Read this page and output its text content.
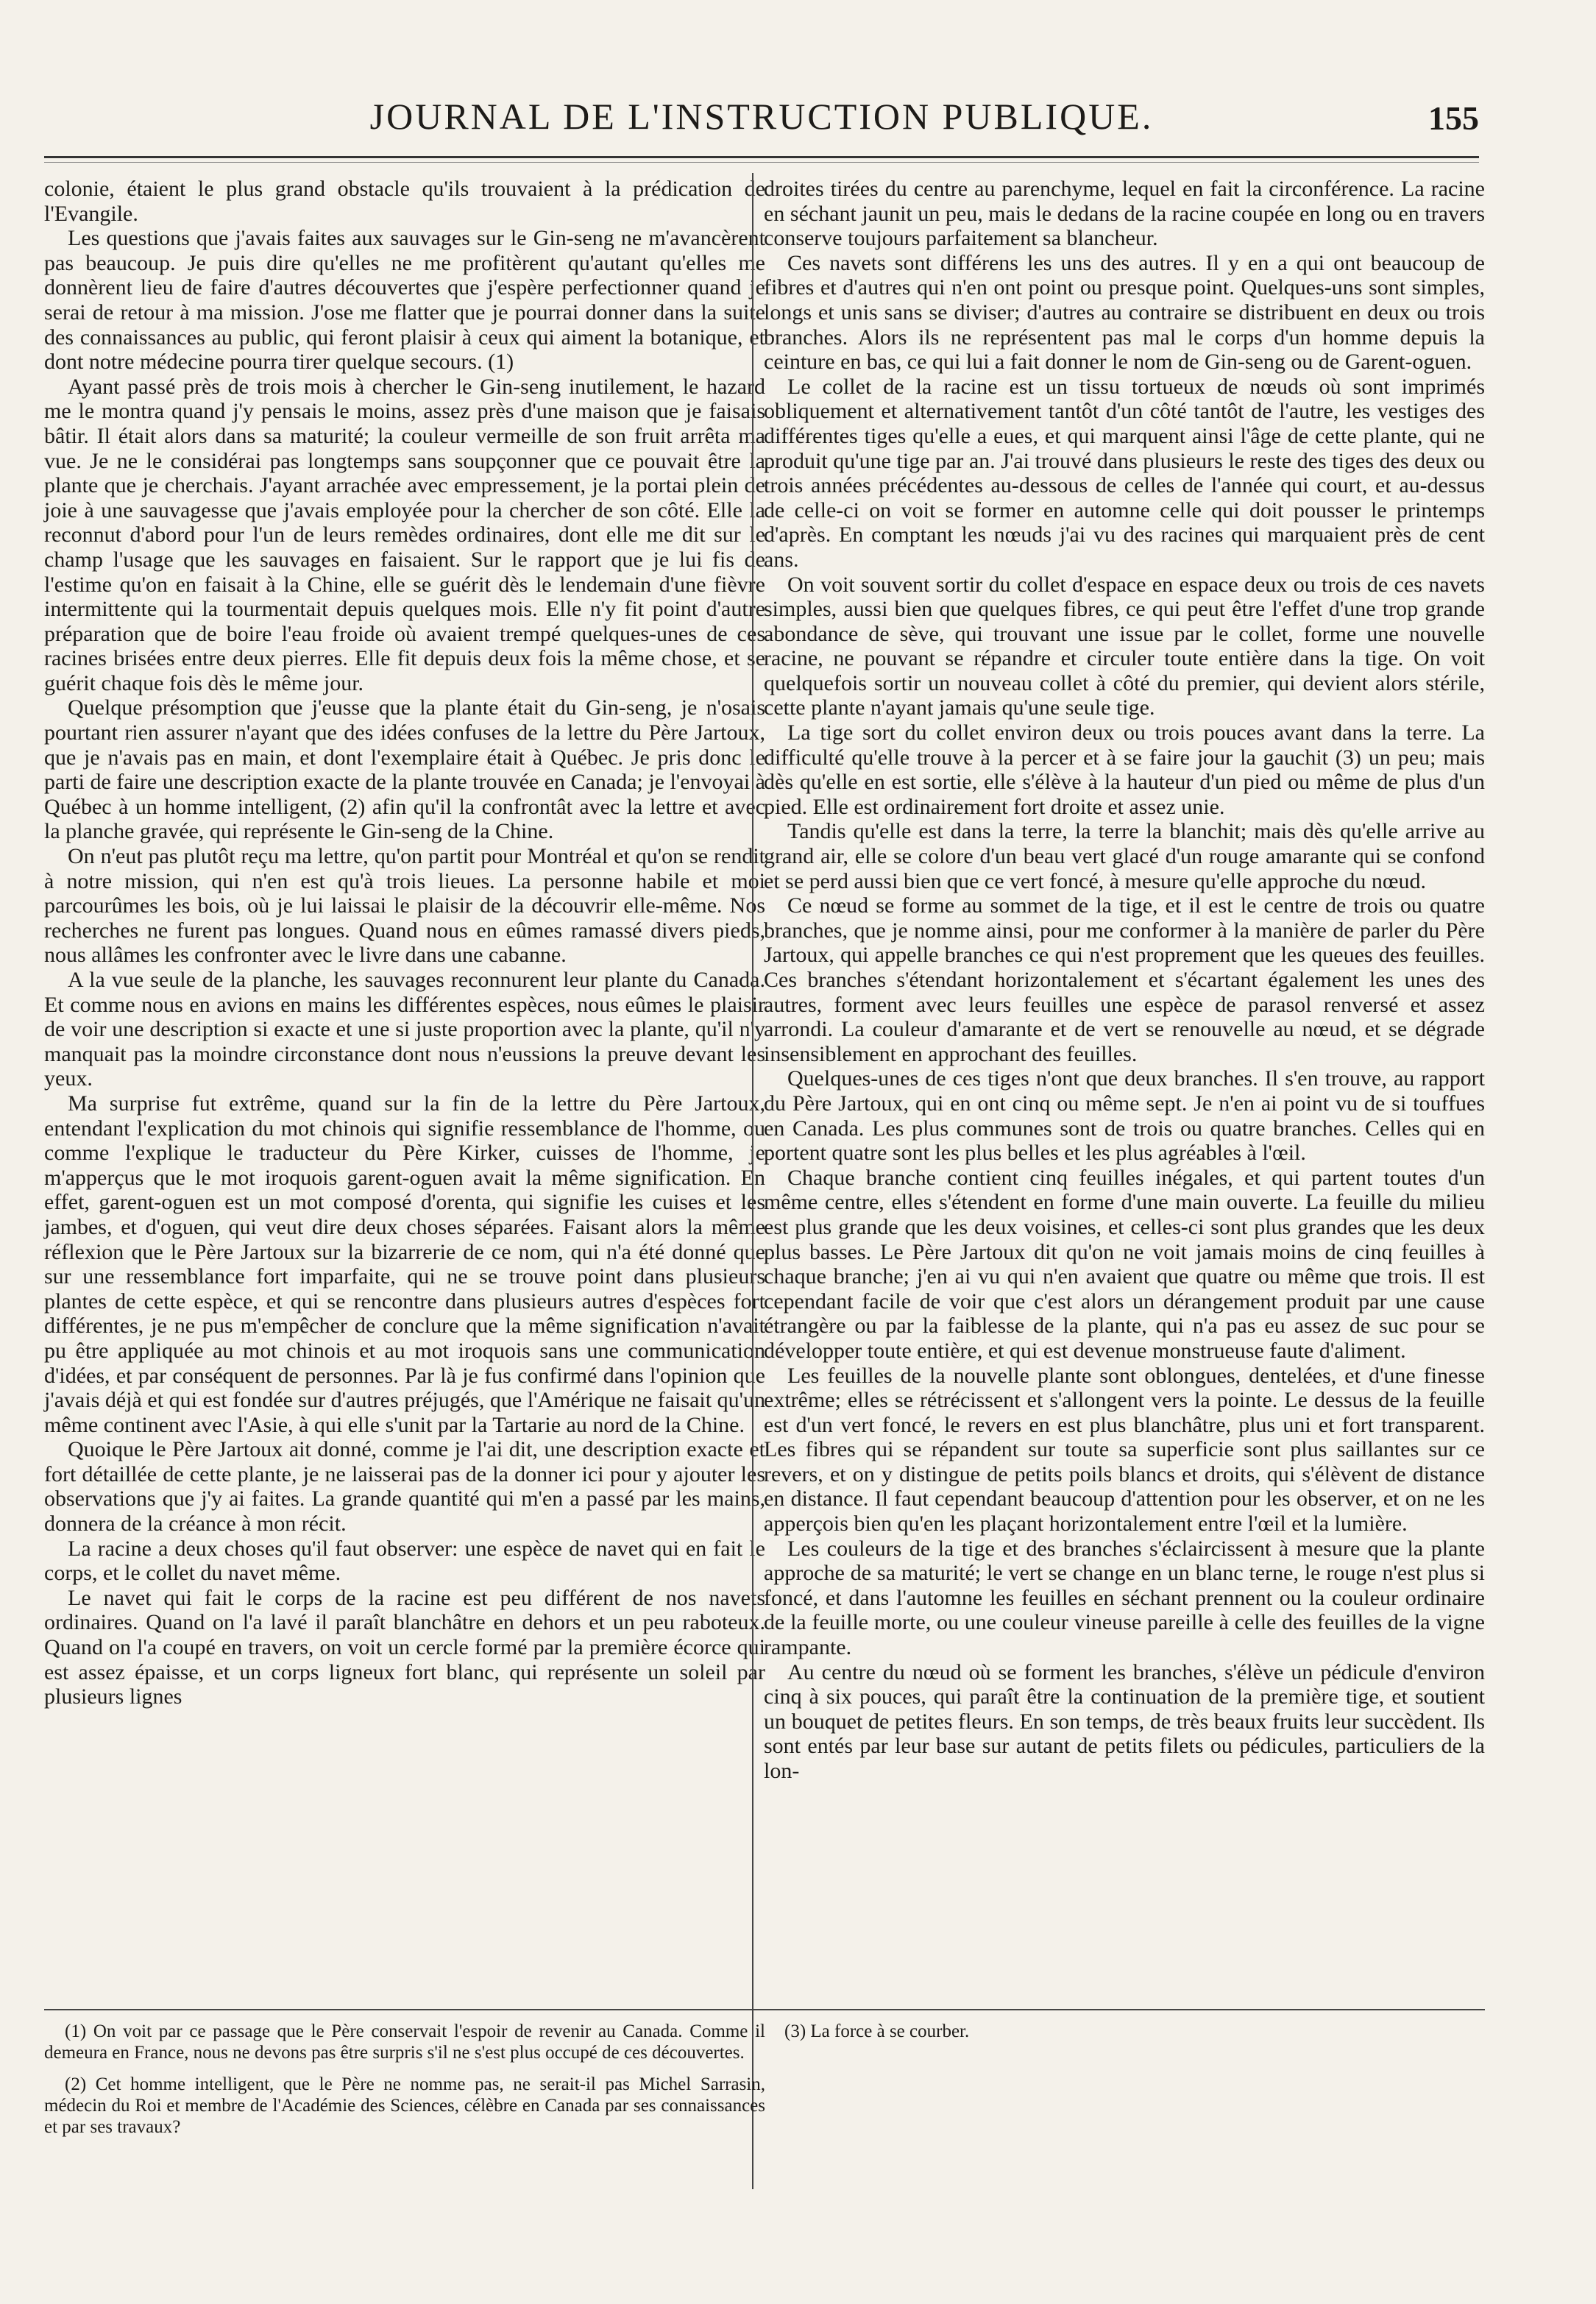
JOURNAL DE L'INSTRUCTION PUBLIQUE.	155

colonie, étaient le plus grand obstacle qu'ils trouvaient à la prédication de l'Evangile.

Les questions que j'avais faites aux sauvages sur le Gin-seng ne m'avancèrent pas beaucoup. Je puis dire qu'elles ne me profitèrent qu'autant qu'elles me donnèrent lieu de faire d'autres découvertes que j'espère perfectionner quand je serai de retour à ma mission. J'ose me flatter que je pourrai donner dans la suite des connaissances au public, qui feront plaisir à ceux qui aiment la botanique, et dont notre médecine pourra tirer quelque secours. (1)

Ayant passé près de trois mois à chercher le Gin-seng inutilement, le hazard me le montra quand j'y pensais le moins, assez près d'une maison que je faisais bâtir. Il était alors dans sa maturité; la couleur vermeille de son fruit arrêta ma vue. Je ne le considérai pas longtemps sans soupçonner que ce pouvait être la plante que je cherchais. J'ayant arrachée avec empressement, je la portai plein de joie à une sauvagesse que j'avais employée pour la chercher de son côté. Elle la reconnut d'abord pour l'un de leurs remèdes ordinaires, dont elle me dit sur le champ l'usage que les sauvages en faisaient. Sur le rapport que je lui fis de l'estime qu'on en faisait à la Chine, elle se guérit dès le lendemain d'une fièvre intermittente qui la tourmentait depuis quelques mois. Elle n'y fit point d'autre préparation que de boire l'eau froide où avaient trempé quelques-unes de ces racines brisées entre deux pierres. Elle fit depuis deux fois la même chose, et se guérit chaque fois dès le même jour.

Quelque présomption que j'eusse que la plante était du Gin-seng, je n'osais pourtant rien assurer n'ayant que des idées confuses de la lettre du Père Jartoux, que je n'avais pas en main, et dont l'exemplaire était à Québec. Je pris donc le parti de faire une description exacte de la plante trouvée en Canada; je l'envoyai à Québec à un homme intelligent, (2) afin qu'il la confrontât avec la lettre et avec la planche gravée, qui représente le Gin-seng de la Chine.

On n'eut pas plutôt reçu ma lettre, qu'on partit pour Montréal et qu'on se rendit à notre mission, qui n'en est qu'à trois lieues. La personne habile et moi parcourûmes les bois, où je lui laissai le plaisir de la découvrir elle-même. Nos recherches ne furent pas longues. Quand nous en eûmes ramassé divers pieds, nous allâmes les confronter avec le livre dans une cabanne.

A la vue seule de la planche, les sauvages reconnurent leur plante du Canada. Et comme nous en avions en mains les différentes espèces, nous eûmes le plaisir de voir une description si exacte et une si juste proportion avec la plante, qu'il n'y manquait pas la moindre circonstance dont nous n'eussions la preuve devant les yeux.

Ma surprise fut extrême, quand sur la fin de la lettre du Père Jartoux, entendant l'explication du mot chinois qui signifie ressemblance de l'homme, ou comme l'explique le traducteur du Père Kirker, cuisses de l'homme, je m'apperçus que le mot iroquois garent-oguen avait la même signification. En effet, garent-oguen est un mot composé d'orenta, qui signifie les cuises et les jambes, et d'oguen, qui veut dire deux choses séparées. Faisant alors la même réflexion que le Père Jartoux sur la bizarrerie de ce nom, qui n'a été donné que sur une ressemblance fort imparfaite, qui ne se trouve point dans plusieurs plantes de cette espèce, et qui se rencontre dans plusieurs autres d'espèces fort différentes, je ne pus m'empêcher de conclure que la même signification n'avait pu être appliquée au mot chinois et au mot iroquois sans une communication d'idées, et par conséquent de personnes. Par là je fus confirmé dans l'opinion que j'avais déjà et qui est fondée sur d'autres préjugés, que l'Amérique ne faisait qu'un même continent avec l'Asie, à qui elle s'unit par la Tartarie au nord de la Chine.

Quoique le Père Jartoux ait donné, comme je l'ai dit, une description exacte et fort détaillée de cette plante, je ne laisserai pas de la donner ici pour y ajouter les observations que j'y ai faites. La grande quantité qui m'en a passé par les mains, donnera de la créance à mon récit.

La racine a deux choses qu'il faut observer: une espèce de navet qui en fait le corps, et le collet du navet même.

Le navet qui fait le corps de la racine est peu différent de nos navets ordinaires. Quand on l'a lavé il paraît blanchâtre en dehors et un peu raboteux. Quand on l'a coupé en travers, on voit un cercle formé par la première écorce qui est assez épaisse, et un corps ligneux fort blanc, qui représente un soleil par plusieurs lignes

droites tirées du centre au parenchyme, lequel en fait la circonférence. La racine en séchant jaunit un peu, mais le dedans de la racine coupée en long ou en travers conserve toujours parfaitement sa blancheur.

Ces navets sont différens les uns des autres. Il y en a qui ont beaucoup de fibres et d'autres qui n'en ont point ou presque point. Quelques-uns sont simples, longs et unis sans se diviser; d'autres au contraire se distribuent en deux ou trois branches. Alors ils ne représentent pas mal le corps d'un homme depuis la ceinture en bas, ce qui lui a fait donner le nom de Gin-seng ou de Garent-oguen.

Le collet de la racine est un tissu tortueux de nœuds où sont imprimés obliquement et alternativement tantôt d'un côté tantôt de l'autre, les vestiges des différentes tiges qu'elle a eues, et qui marquent ainsi l'âge de cette plante, qui ne produit qu'une tige par an. J'ai trouvé dans plusieurs le reste des tiges des deux ou trois années précédentes au-dessous de celles de l'année qui court, et au-dessus de celle-ci on voit se former en automne celle qui doit pousser le printemps d'après. En comptant les nœuds j'ai vu des racines qui marquaient près de cent ans.

On voit souvent sortir du collet d'espace en espace deux ou trois de ces navets simples, aussi bien que quelques fibres, ce qui peut être l'effet d'une trop grande abondance de sève, qui trouvant une issue par le collet, forme une nouvelle racine, ne pouvant se répandre et circuler toute entière dans la tige. On voit quelquefois sortir un nouveau collet à côté du premier, qui devient alors stérile, cette plante n'ayant jamais qu'une seule tige.

La tige sort du collet environ deux ou trois pouces avant dans la terre. La difficulté qu'elle trouve à la percer et à se faire jour la gauchit (3) un peu; mais dès qu'elle en est sortie, elle s'élève à la hauteur d'un pied ou même de plus d'un pied. Elle est ordinairement fort droite et assez unie.

Tandis qu'elle est dans la terre, la terre la blanchit; mais dès qu'elle arrive au grand air, elle se colore d'un beau vert glacé d'un rouge amarante qui se confond et se perd aussi bien que ce vert foncé, à mesure qu'elle approche du nœud.

Ce nœud se forme au sommet de la tige, et il est le centre de trois ou quatre branches, que je nomme ainsi, pour me conformer à la manière de parler du Père Jartoux, qui appelle branches ce qui n'est proprement que les queues des feuilles. Ces branches s'étendant horizontalement et s'écartant également les unes des autres, forment avec leurs feuilles une espèce de parasol renversé et assez arrondi. La couleur d'amarante et de vert se renouvelle au nœud, et se dégrade insensiblement en approchant des feuilles.

Quelques-unes de ces tiges n'ont que deux branches. Il s'en trouve, au rapport du Père Jartoux, qui en ont cinq ou même sept. Je n'en ai point vu de si touffues en Canada. Les plus communes sont de trois ou quatre branches. Celles qui en portent quatre sont les plus belles et les plus agréables à l'œil.

Chaque branche contient cinq feuilles inégales, et qui partent toutes d'un même centre, elles s'étendent en forme d'une main ouverte. La feuille du milieu est plus grande que les deux voisines, et celles-ci sont plus grandes que les deux plus basses. Le Père Jartoux dit qu'on ne voit jamais moins de cinq feuilles à chaque branche; j'en ai vu qui n'en avaient que quatre ou même que trois. Il est cependant facile de voir que c'est alors un dérangement produit par une cause étrangère ou par la faiblesse de la plante, qui n'a pas eu assez de suc pour se développer toute entière, et qui est devenue monstrueuse faute d'aliment.

Les feuilles de la nouvelle plante sont oblongues, dentelées, et d'une finesse extrême; elles se rétrécissent et s'allongent vers la pointe. Le dessus de la feuille est d'un vert foncé, le revers en est plus blanchâtre, plus uni et fort transparent. Les fibres qui se répandent sur toute sa superficie sont plus saillantes sur ce revers, et on y distingue de petits poils blancs et droits, qui s'élèvent de distance en distance. Il faut cependant beaucoup d'attention pour les observer, et on ne les apperçois bien qu'en les plaçant horizontalement entre l'œil et la lumière.

Les couleurs de la tige et des branches s'éclaircissent à mesure que la plante approche de sa maturité; le vert se change en un blanc terne, le rouge n'est plus si foncé, et dans l'automne les feuilles en séchant prennent ou la couleur ordinaire de la feuille morte, ou une couleur vineuse pareille à celle des feuilles de la vigne rampante.

Au centre du nœud où se forment les branches, s'élève un pédicule d'environ cinq à six pouces, qui paraît être la continuation de la première tige, et soutient un bouquet de petites fleurs. En son temps, de très beaux fruits leur succèdent. Ils sont entés par leur base sur autant de petits filets ou pédicules, particuliers de la lon-

(1) On voit par ce passage que le Père conservait l'espoir de revenir au Canada. Comme il demeura en France, nous ne devons pas être surpris s'il ne s'est plus occupé de ces découvertes.

(2) Cet homme intelligent, que le Père ne nomme pas, ne serait-il pas Michel Sarrasin, médecin du Roi et membre de l'Académie des Sciences, célèbre en Canada par ses connaissances et par ses travaux?

(3) La force à se courber.
